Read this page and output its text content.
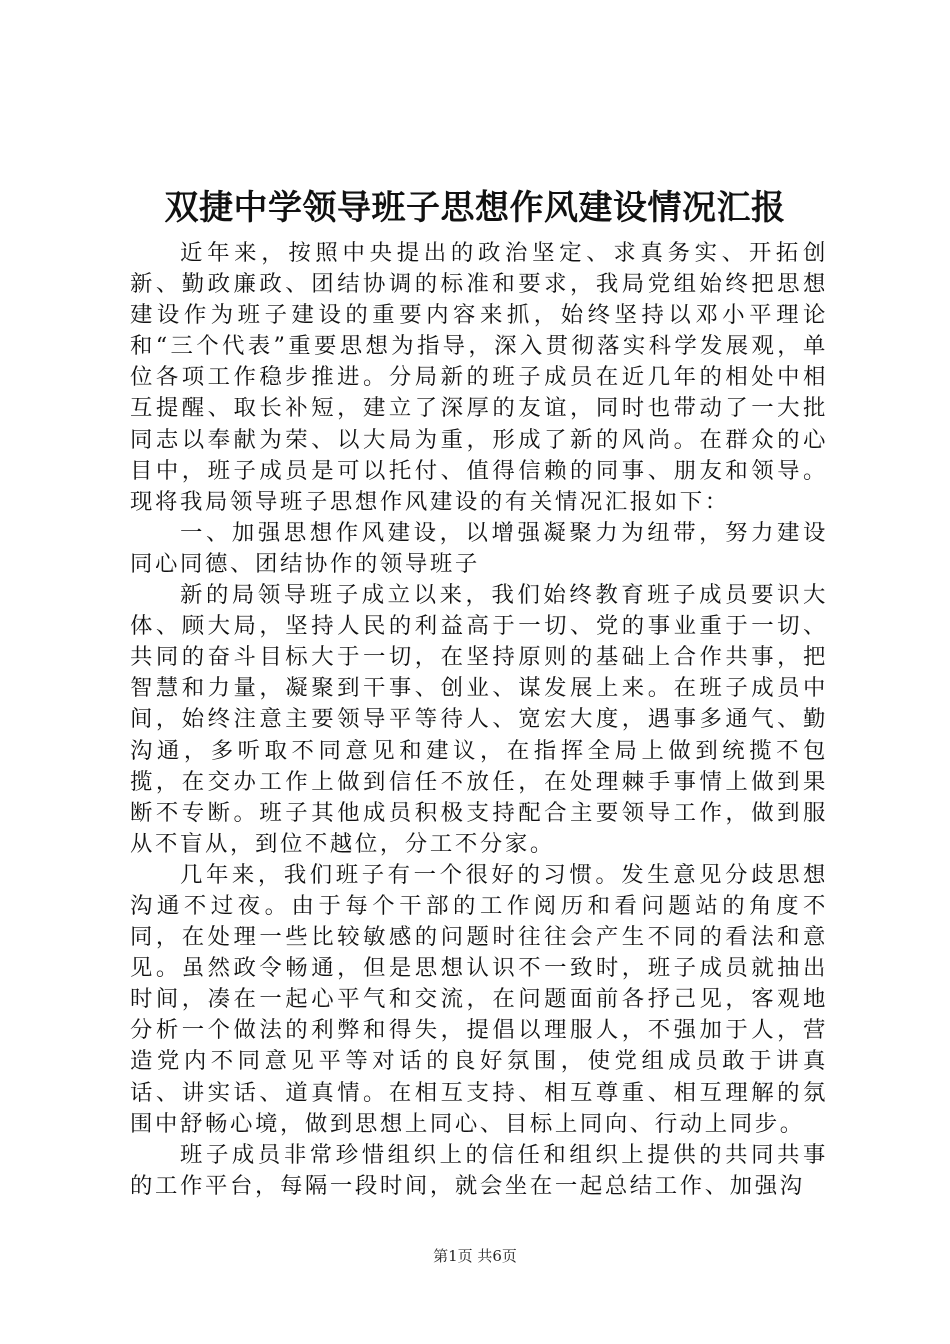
双捷中学领导班子思想作风建设情况汇报

近年来，按照中央提出的政治坚定、求真务实、开拓创新、勤政廉政、团结协调的标准和要求，我局党组始终把思想建设作为班子建设的重要内容来抓，始终坚持以邓小平理论和“三个代表”重要思想为指导，深入贯彻落实科学发展观，单位各项工作稳步推进。分局新的班子成员在近几年的相处中相互提醒、取长补短，建立了深厚的友谊，同时也带动了一大批同志以奉献为荣、以大局为重，形成了新的风尚。在群众的心目中，班子成员是可以托付、值得信赖的同事、朋友和领导。现将我局领导班子思想作风建设的有关情况汇报如下：

一、加强思想作风建设，以增强凝聚力为纽带，努力建设同心同德、团结协作的领导班子

新的局领导班子成立以来，我们始终教育班子成员要识大体、顾大局，坚持人民的利益高于一切、党的事业重于一切、共同的奋斗目标大于一切，在坚持原则的基础上合作共事，把智慧和力量，凝聚到干事、创业、谋发展上来。在班子成员中间，始终注意主要领导平等待人、宽宏大度，遇事多通气、勤沟通，多听取不同意见和建议，在指挥全局上做到统揽不包揽，在交办工作上做到信任不放任，在处理棘手事情上做到果断不专断。班子其他成员积极支持配合主要领导工作，做到服从不盲从，到位不越位，分工不分家。

几年来，我们班子有一个很好的习惯。发生意见分歧思想沟通不过夜。由于每个干部的工作阅历和看问题站的角度不同，在处理一些比较敏感的问题时往往会产生不同的看法和意见。虽然政令畅通，但是思想认识不一致时，班子成员就抽出时间，凑在一起心平气和交流，在问题面前各抒己见，客观地分析一个做法的利弊和得失，提倡以理服人，不强加于人，营造党内不同意见平等对话的良好氛围，使党组成员敢于讲真话、讲实话、道真情。在相互支持、相互尊重、相互理解的氛围中舒畅心境，做到思想上同心、目标上同向、行动上同步。

班子成员非常珍惜组织上的信任和组织上提供的共同共事的工作平台，每隔一段时间，就会坐在一起总结工作、加强沟

第1页 共6页
